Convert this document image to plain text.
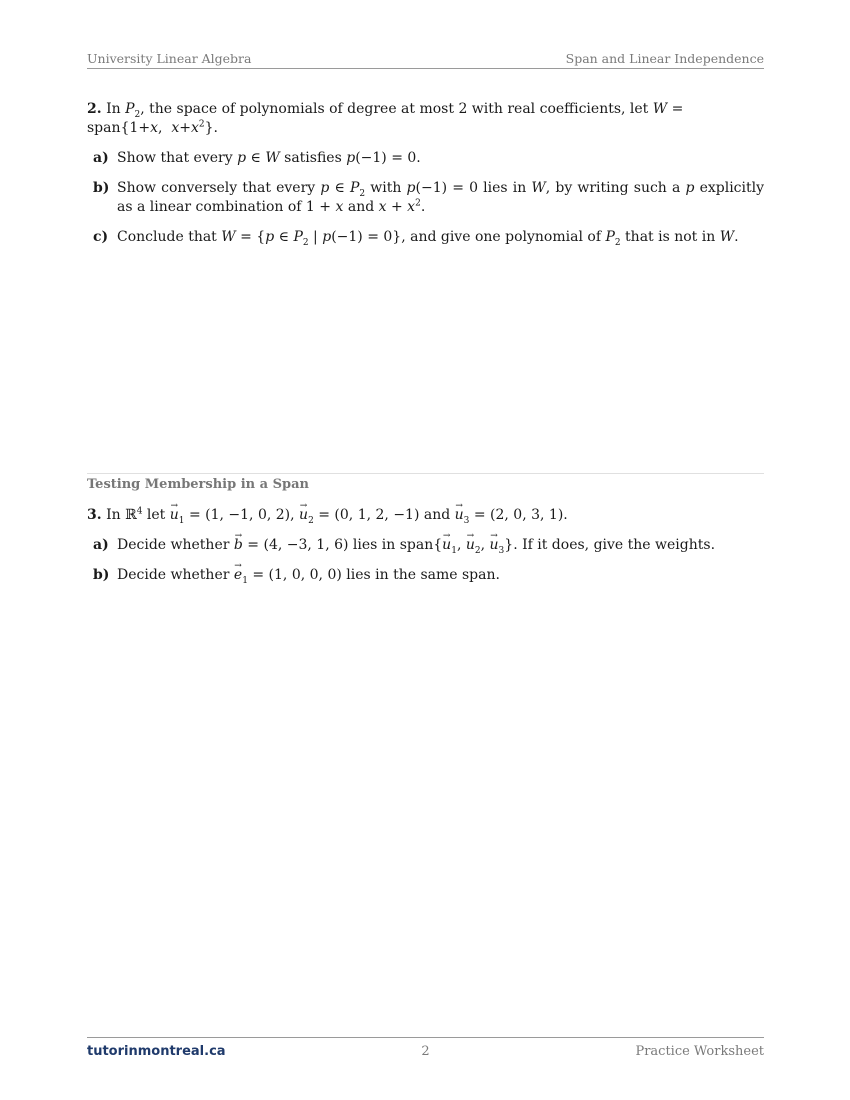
University Linear Algebra	Span and Linear Independence
2. In $P_2$, the space of polynomials of degree at most 2 with real coefficients, let W = span{1+x,  $x+x^2$}.
a) Show that every p ∈ W satisfies p(−1) = 0.
b) Show conversely that every p ∈ $P_2$ with p(−1) = 0 lies in W, by writing such a p explicitly as a linear combination of 1 + x and $x + x^2$.
c) Conclude that W = {p ∈ $P_2$ | p(−1) = 0}, and give one polynomial of $P_2$ that is not in W.
Testing Membership in a Span
3. In ℝ$^4$ let → $u_1 = (1$, −1, 0, 2), → $u_2 = (0$, 1, 2, −1) and → $u_3 = (2$, 0, 3, 1).
a) Decide whether → b = (4, −3, 1, 6) lies in span{→ $u_1$, → $u_2$, → $u_3$}. If it does, give the weights.
b) Decide whether → $e_1 = (1$, 0, 0, 0) lies in the same span.
tutorinmontreal.ca	2	Practice Worksheet
